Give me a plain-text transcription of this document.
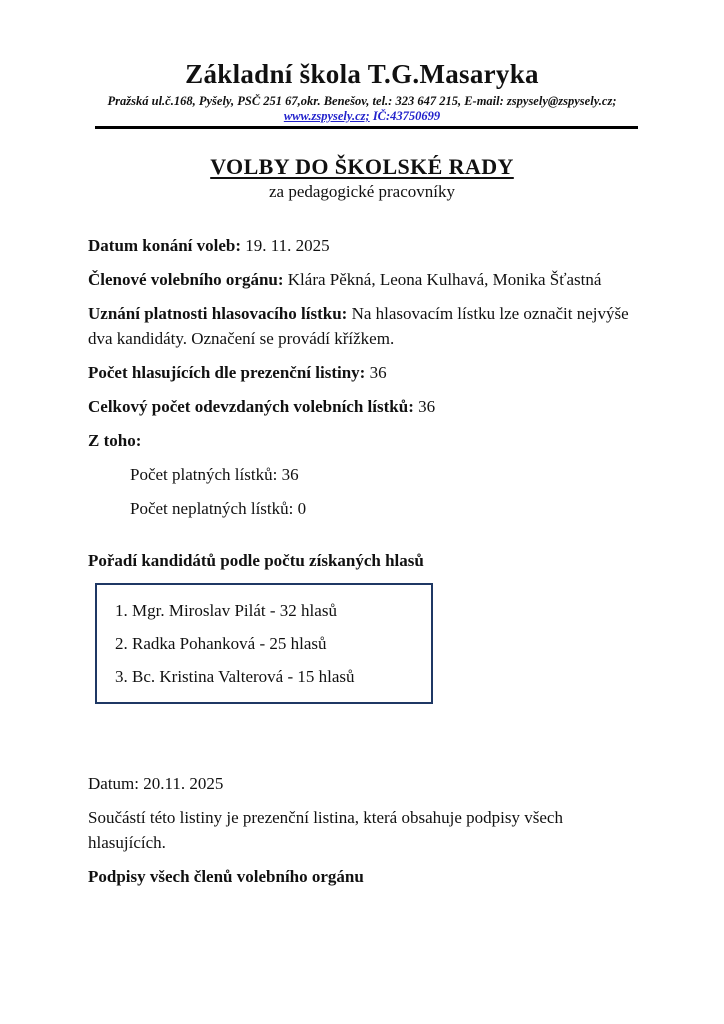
Základní škola T.G.Masaryka
Pražská ul.č.168, Pyšely, PSČ 251 67,okr. Benešov, tel.: 323 647 215, E-mail: zspysely@zspysely.cz;
www.zspysely.cz; IČ:43750699
VOLBY DO ŠKOLSKÉ RADY
za pedagogické pracovníky

Datum konání voleb: 19. 11. 2025

Členové volebního orgánu: Klára Pěkná, Leona Kulhavá, Monika Šťastná

Uznání platnosti hlasovacího lístku: Na hlasovacím lístku lze označit nejvýše dva kandidáty. Označení se provádí křížkem.

Počet hlasujících dle prezenční listiny: 36

Celkový počet odevzdaných volebních lístků: 36

Z toho:

Počet platných lístků: 36

Počet neplatných lístků: 0

Pořadí kandidátů podle počtu získaných hlasů

1. Mgr. Miroslav Pilát - 32 hlasů

2. Radka Pohanková - 25 hlasů

3. Bc. Kristina Valterová - 15 hlasů

Datum: 20.11. 2025

Součástí této listiny je prezenční listina, která obsahuje podpisy všech hlasujících.

Podpisy všech členů volebního orgánu
